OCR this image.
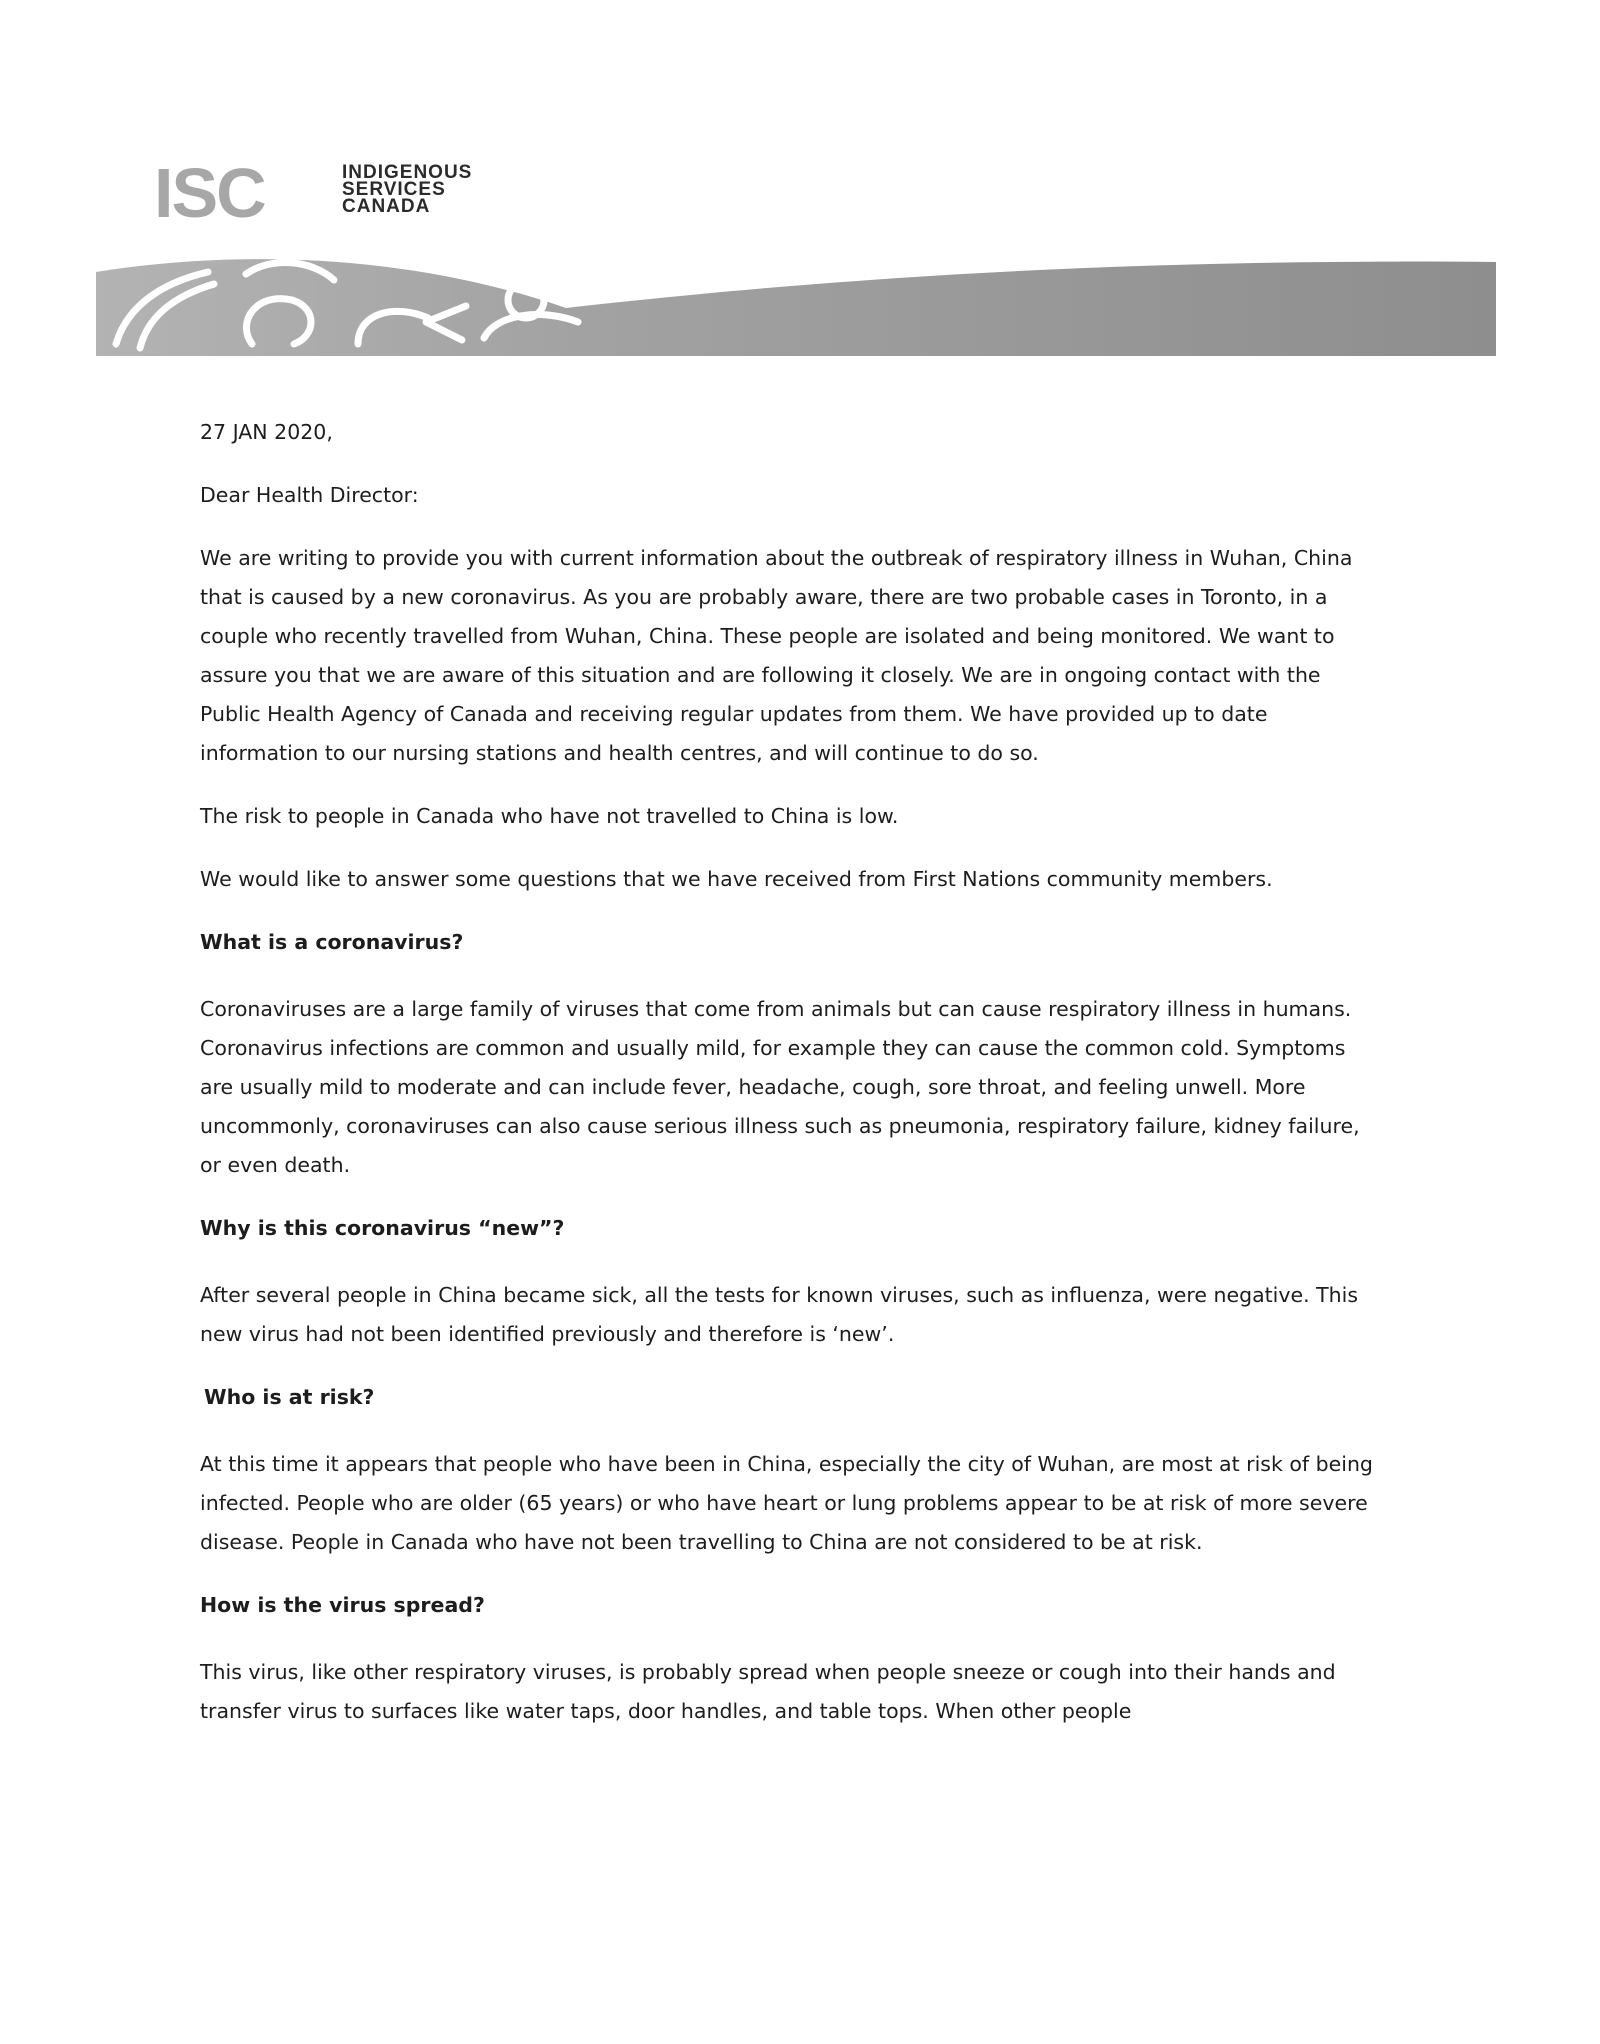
ISC	INDIGENOUS
SERVICES
CANADA

27 JAN 2020,

Dear Health Director:

We are writing to provide you with current information about the outbreak of respiratory illness in Wuhan, China that is caused by a new coronavirus. As you are probably aware, there are two probable cases in Toronto, in a couple who recently travelled from Wuhan, China. These people are isolated and being monitored. We want to assure you that we are aware of this situation and are following it closely. We are in ongoing contact with the Public Health Agency of Canada and receiving regular updates from them. We have provided up to date information to our nursing stations and health centres, and will continue to do so.

The risk to people in Canada who have not travelled to China is low.

We would like to answer some questions that we have received from First Nations community members.

What is a coronavirus?

Coronaviruses are a large family of viruses that come from animals but can cause respiratory illness in humans. Coronavirus infections are common and usually mild, for example they can cause the common cold. Symptoms are usually mild to moderate and can include fever, headache, cough, sore throat, and feeling unwell. More uncommonly, coronaviruses can also cause serious illness such as pneumonia, respiratory failure, kidney failure, or even death.

Why is this coronavirus “new”?

After several people in China became sick, all the tests for known viruses, such as influenza, were negative. This new virus had not been identified previously and therefore is ‘new’.

Who is at risk?

At this time it appears that people who have been in China, especially the city of Wuhan, are most at risk of being infected. People who are older (65 years) or who have heart or lung problems appear to be at risk of more severe disease. People in Canada who have not been travelling to China are not considered to be at risk.

How is the virus spread?

This virus, like other respiratory viruses, is probably spread when people sneeze or cough into their hands and transfer virus to surfaces like water taps, door handles, and table tops. When other people
